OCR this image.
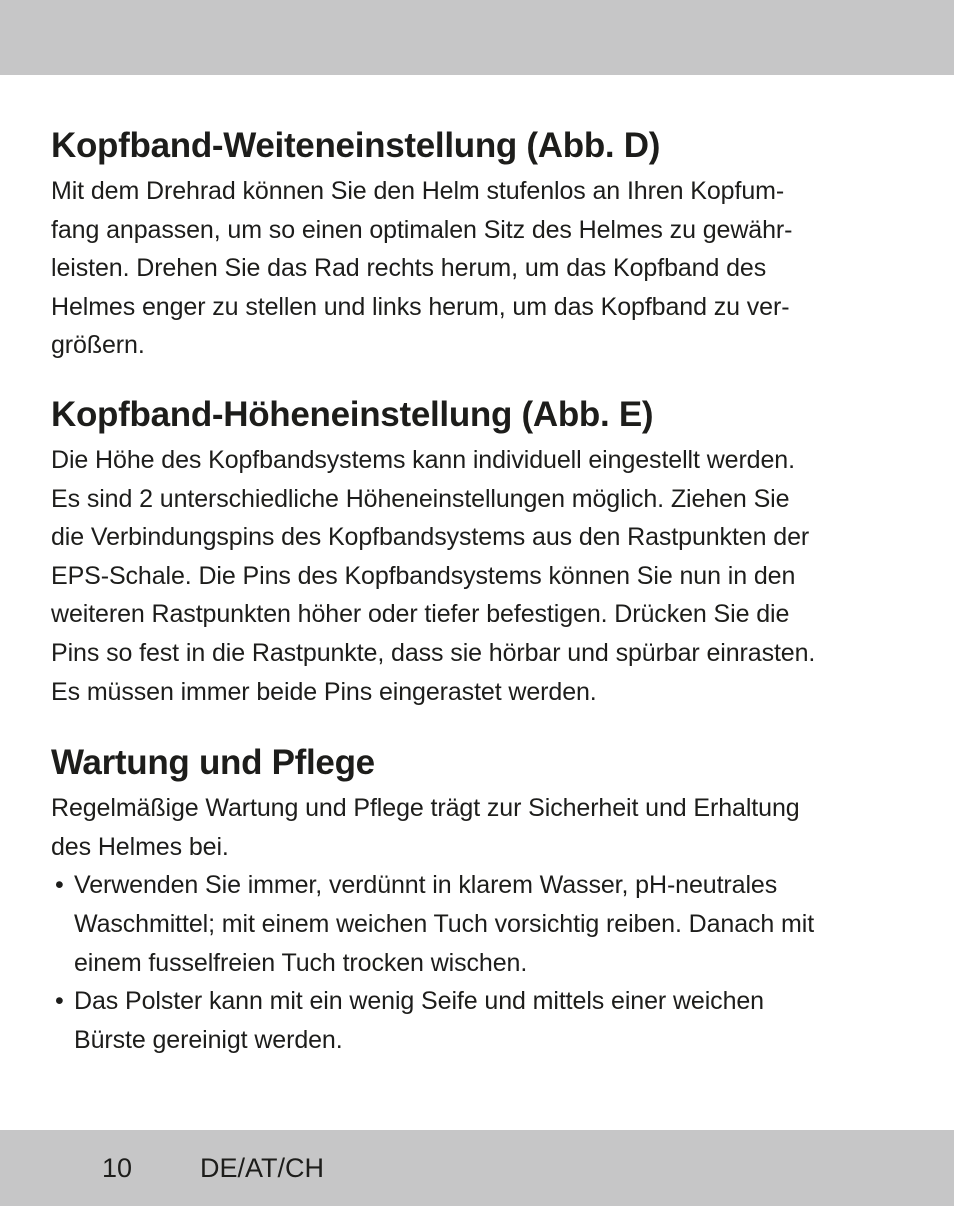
Kopfband-Weiteneinstellung (Abb. D)

Mit dem Drehrad können Sie den Helm stufenlos an Ihren Kopfum-
fang anpassen, um so einen optimalen Sitz des Helmes zu gewähr-
leisten. Drehen Sie das Rad rechts herum, um das Kopfband des
Helmes enger zu stellen und links herum, um das Kopfband zu ver-
größern.

Kopfband-Höheneinstellung (Abb. E)

Die Höhe des Kopfbandsystems kann individuell eingestellt werden.
Es sind 2 unterschiedliche Höheneinstellungen möglich. Ziehen Sie
die Verbindungspins des Kopfbandsystems aus den Rastpunkten der
EPS-Schale. Die Pins des Kopfbandsystems können Sie nun in den
weiteren Rastpunkten höher oder tiefer befestigen. Drücken Sie die
Pins so fest in die Rastpunkte, dass sie hörbar und spürbar einrasten.
Es müssen immer beide Pins eingerastet werden.

Wartung und Pflege

Regelmäßige Wartung und Pflege trägt zur Sicherheit und Erhaltung
des Helmes bei.

• Verwenden Sie immer, verdünnt in klarem Wasser, pH-neutrales
Waschmittel; mit einem weichen Tuch vorsichtig reiben. Danach mit
einem fusselfreien Tuch trocken wischen.
• Das Polster kann mit ein wenig Seife und mittels einer weichen
Bürste gereinigt werden.
10	DE/AT/CH
